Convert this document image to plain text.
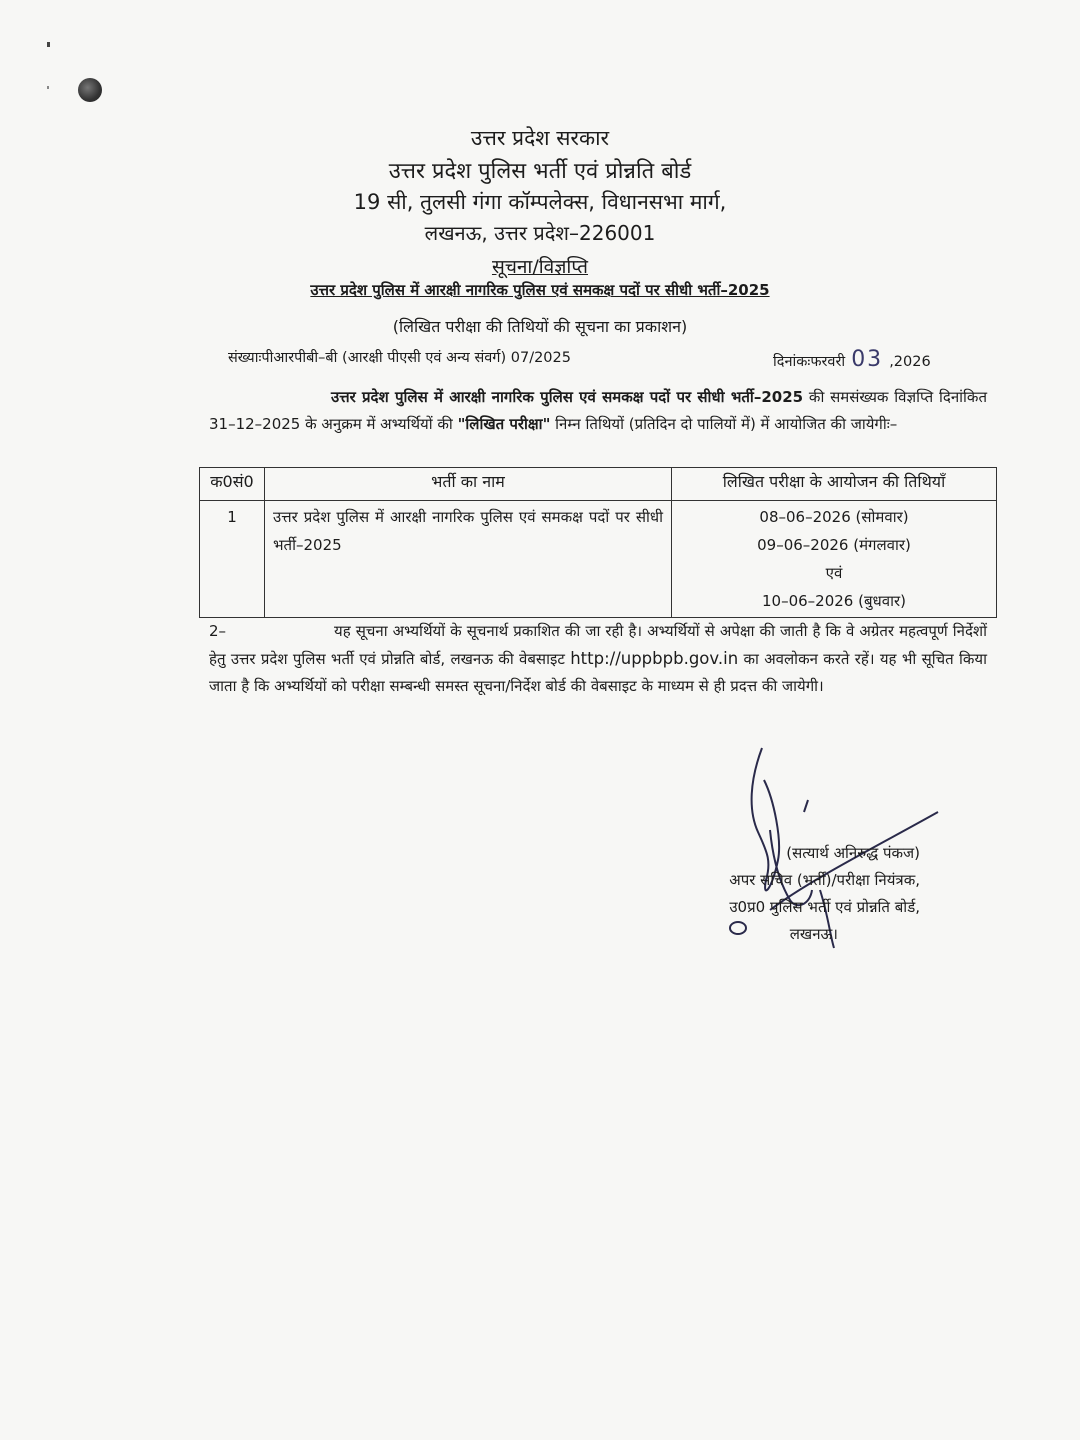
उत्तर प्रदेश सरकार
उत्तर प्रदेश पुलिस भर्ती एवं प्रोन्नति बोर्ड
19 सी, तुलसी गंगा कॉम्पलेक्स, विधानसभा मार्ग,
लखनऊ, उत्तर प्रदेश–226001
सूचना/विज्ञप्ति
उत्तर प्रदेश पुलिस में आरक्षी नागरिक पुलिस एवं समकक्ष पदों पर सीधी भर्ती–2025
(लिखित परीक्षा की तिथियों की सूचना का प्रकाशन)
संख्याःपीआरपीबी–बी (आरक्षी पीएसी एवं अन्य संवर्ग) 07/2025	दिनांकःफरवरी 03 ,2026
उत्तर प्रदेश पुलिस में आरक्षी नागरिक पुलिस एवं समकक्ष पदों पर सीधी भर्ती–2025 की समसंख्यक विज्ञप्ति दिनांकित 31–12–2025 के अनुक्रम में अभ्यर्थियों की "लिखित परीक्षा" निम्न तिथियों (प्रतिदिन दो पालियों में) में आयोजित की जायेगीः–
क0सं0	भर्ती का नाम	लिखित परीक्षा के आयोजन की तिथियाँ
1	उत्तर प्रदेश पुलिस में आरक्षी नागरिक पुलिस एवं समकक्ष पदों पर सीधी भर्ती–2025	08–06–2026 (सोमवार)
09–06–2026 (मंगलवार)
एवं
10–06–2026 (बुधवार)
2–	यह सूचना अभ्यर्थियों के सूचनार्थ प्रकाशित की जा रही है। अभ्यर्थियों से अपेक्षा की जाती है कि वे अग्रेतर महत्वपूर्ण निर्देशों हेतु उत्तर प्रदेश पुलिस भर्ती एवं प्रोन्नति बोर्ड, लखनऊ की वेबसाइट http://uppbpb.gov.in का अवलोकन करते रहें। यह भी सूचित किया जाता है कि अभ्यर्थियों को परीक्षा सम्बन्धी समस्त सूचना/निर्देश बोर्ड की वेबसाइट के माध्यम से ही प्रदत्त की जायेगी।
(सत्यार्थ अनिरुद्ध पंकज)
अपर सचिव (भर्ती)/परीक्षा नियंत्रक,
उ0प्र0 पुलिस भर्ती एवं प्रोन्नति बोर्ड,
लखनऊ।
